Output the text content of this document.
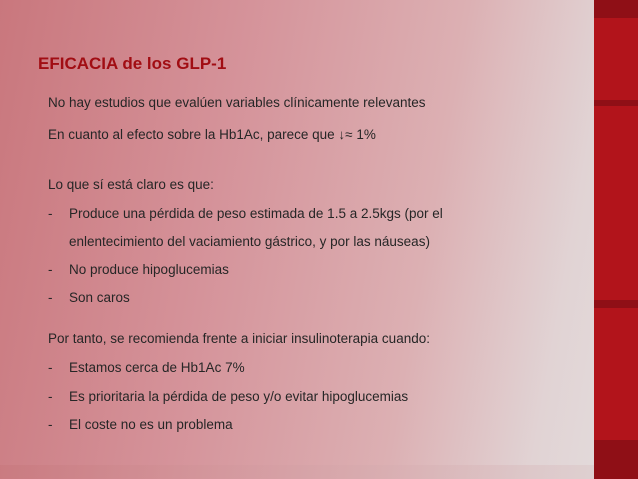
EFICACIA de los GLP-1

No hay estudios que evalúen variables clínicamente relevantes

En cuanto al efecto sobre la Hb1Ac, parece que ↓≈ 1%

Lo que sí está claro es que:

- Produce una pérdida de peso estimada de 1.5 a 2.5kgs (por el

enlentecimiento del vaciamiento gástrico, y por las náuseas)

- No produce hipoglucemias

- Son caros

Por tanto, se recomienda frente a iniciar insulinoterapia cuando:

- Estamos cerca de Hb1Ac 7%

- Es prioritaria la pérdida de peso y/o evitar hipoglucemias

- El coste no es un problema
